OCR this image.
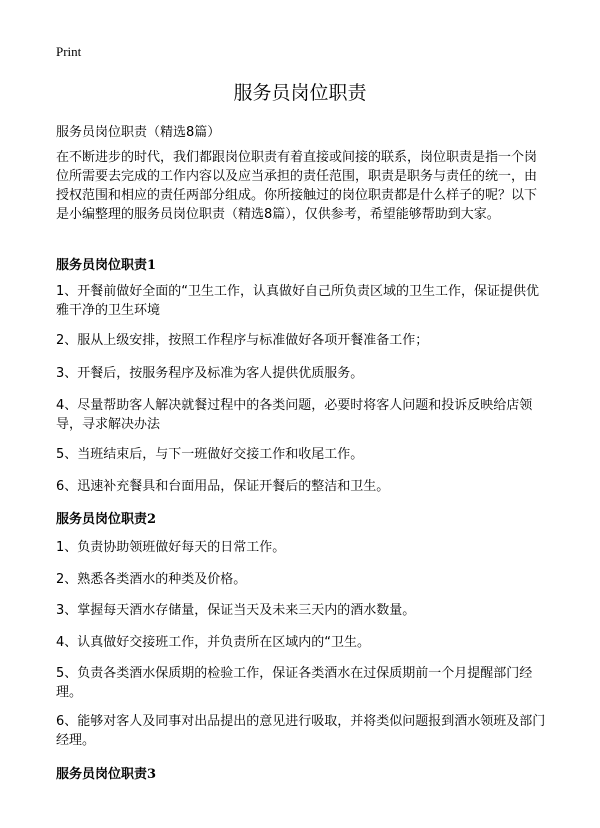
Print
服务员岗位职责
服务员岗位职责（精选8篇）
在不断进步的时代，我们都跟岗位职责有着直接或间接的联系，岗位职责是指一个岗位所需要去完成的工作内容以及应当承担的责任范围，职责是职务与责任的统一，由授权范围和相应的责任两部分组成。你所接触过的岗位职责都是什么样子的呢？以下是小编整理的服务员岗位职责（精选8篇），仅供参考，希望能够帮助到大家。
服务员岗位职责1
1、开餐前做好全面的“卫生工作，认真做好自己所负责区域的卫生工作，保证提供优雅干净的卫生环境
2、服从上级安排，按照工作程序与标准做好各项开餐准备工作；
3、开餐后，按服务程序及标准为客人提供优质服务。
4、尽量帮助客人解决就餐过程中的各类问题，必要时将客人问题和投诉反映给店领导，寻求解决办法
5、当班结束后，与下一班做好交接工作和收尾工作。
6、迅速补充餐具和台面用品，保证开餐后的整洁和卫生。
服务员岗位职责2
1、负责协助领班做好每天的日常工作。
2、熟悉各类酒水的种类及价格。
3、掌握每天酒水存储量，保证当天及未来三天内的酒水数量。
4、认真做好交接班工作，并负责所在区域内的“卫生。
5、负责各类酒水保质期的检验工作，保证各类酒水在过保质期前一个月提醒部门经理。
6、能够对客人及同事对出品提出的意见进行吸取，并将类似问题报到酒水领班及部门经理。
服务员岗位职责3
